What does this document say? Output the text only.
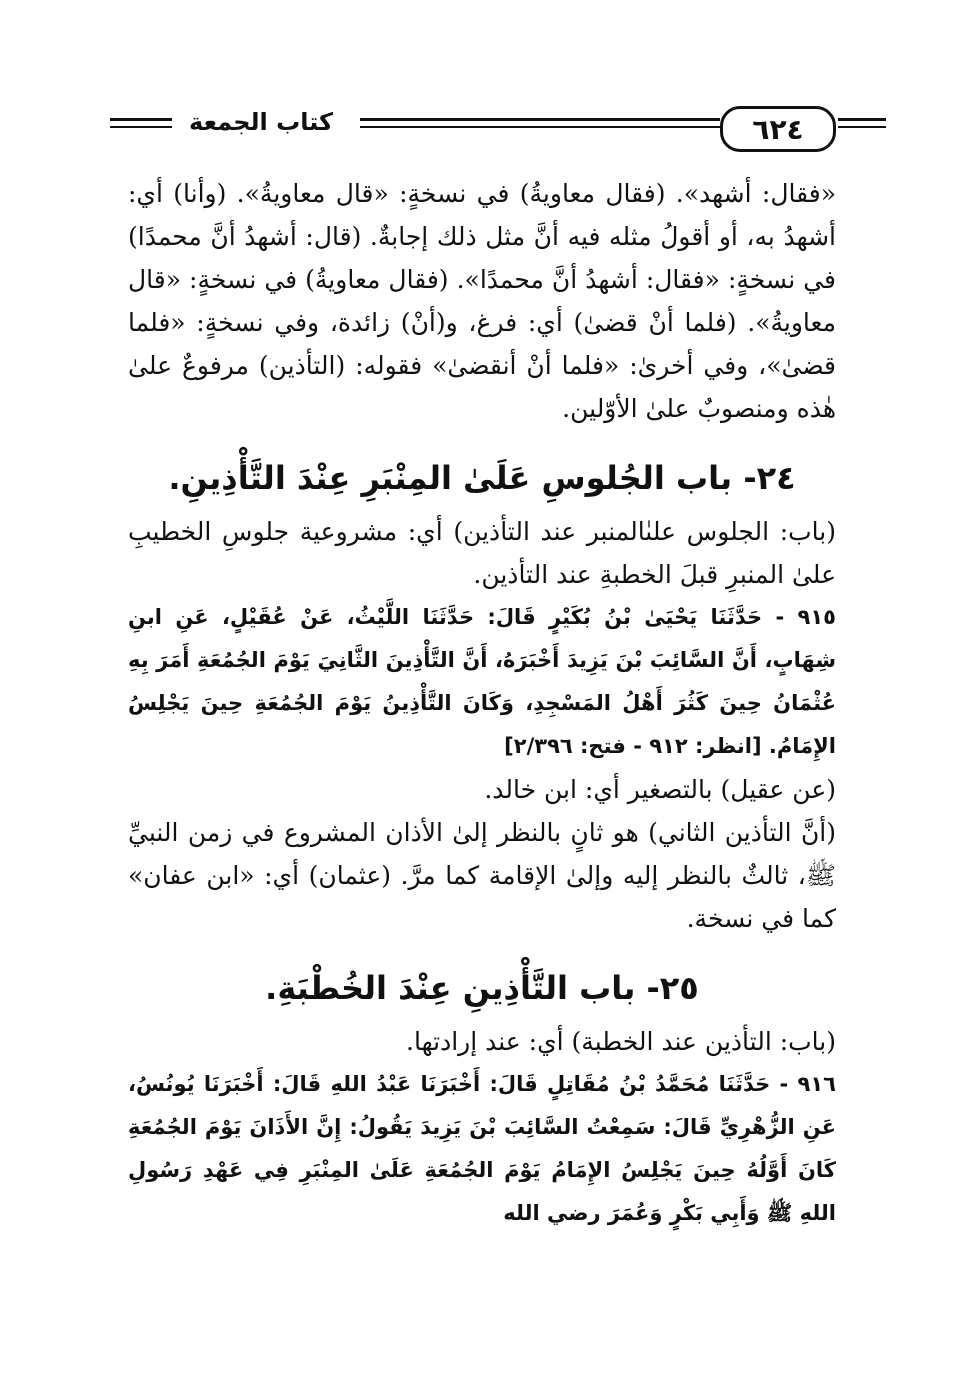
٦٢٤
كتاب الجمعة

«فقال: أشهد». (فقال معاويةُ) في نسخةٍ: «قال معاويةُ». (وأنا) أي: أشهدُ به، أو أقولُ مثله فيه أنَّ مثل ذلك إجابةٌ. (قال: أشهدُ أنَّ محمدًا) في نسخةٍ: «فقال: أشهدُ أنَّ محمدًا». (فقال معاويةُ) في نسخةٍ: «قال معاويةُ». (فلما أنْ قضىٰ) أي: فرغ، و(أنْ) زائدة، وفي نسخةٍ: «فلما قضىٰ»، وفي أخرىٰ: «فلما أنْ أنقضىٰ» فقوله: (التأذين) مرفوعٌ علىٰ هٰذه ومنصوبٌ علىٰ الأوّلين.

٢٤- باب الجُلوسِ عَلَىٰ المِنْبَرِ عِنْدَ التَّأْذِينِ.

(باب: الجلوس علىٰالمنبر عند التأذين) أي: مشروعية جلوسِ الخطيبِ علىٰ المنبرِ قبلَ الخطبةِ عند التأذين.

٩١٥ - حَدَّثَنَا يَحْيَىٰ بْنُ بُكَيْرٍ قَالَ: حَدَّثَنَا اللَّيْثُ، عَنْ عُقَيْلٍ، عَنِ ابنِ شِهَابٍ، أَنَّ السَّائِبَ بْنَ يَزِيدَ أَخْبَرَهُ، أَنَّ التَّأْذِينَ الثَّانِيَ يَوْمَ الجُمُعَةِ أَمَرَ بِهِ عُثْمَانُ حِينَ كَثُرَ أَهْلُ المَسْجِدِ، وَكَانَ التَّأْذِينُ يَوْمَ الجُمُعَةِ حِينَ يَجْلِسُ الإِمَامُ. [انظر: ٩١٢ - فتح: ٢/٣٩٦]

(عن عقيل) بالتصغير أي: ابن خالد.

(أنَّ التأذين الثاني) هو ثانٍ بالنظر إلىٰ الأذان المشروع في زمن النبيِّ ﷺ، ثالثٌ بالنظر إليه وإلىٰ الإقامة كما مرَّ. (عثمان) أي: «ابن عفان» كما في نسخة.

٢٥- باب التَّأْذِينِ عِنْدَ الخُطْبَةِ.

(باب: التأذين عند الخطبة) أي: عند إرادتها.

٩١٦ - حَدَّثَنَا مُحَمَّدُ بْنُ مُقَاتِلٍ قَالَ: أَخْبَرَنَا عَبْدُ اللهِ قَالَ: أَخْبَرَنَا يُونُسُ، عَنِ الزُّهْرِيِّ قَالَ: سَمِعْتُ السَّائِبَ بْنَ يَزِيدَ يَقُولُ: إِنَّ الأَذَانَ يَوْمَ الجُمُعَةِ كَانَ أَوَّلُهُ حِينَ يَجْلِسُ الإِمَامُ يَوْمَ الجُمُعَةِ عَلَىٰ المِنْبَرِ فِي عَهْدِ رَسُولِ اللهِ ﷺ وَأَبِي بَكْرٍ وَعُمَرَ رضي الله
